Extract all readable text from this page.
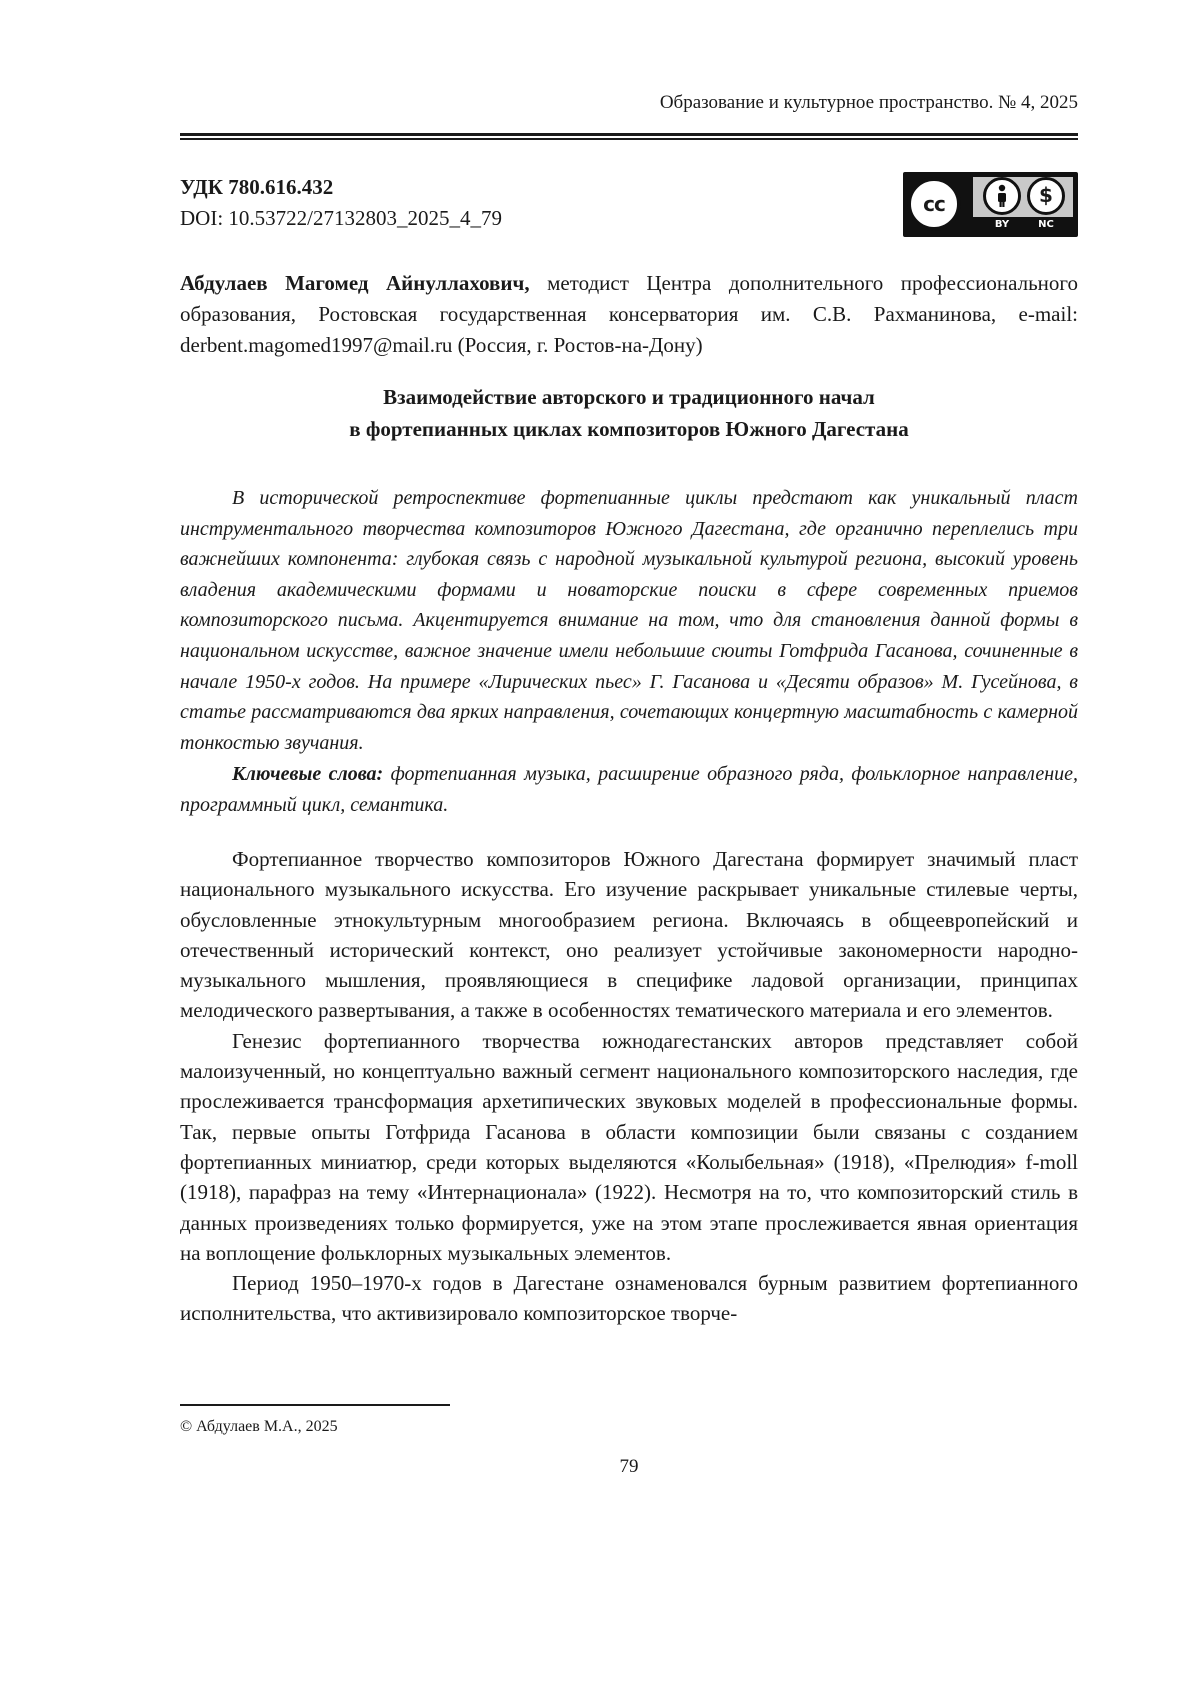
Образование и культурное пространство. № 4, 2025
УДК 780.616.432
DOI: 10.53722/27132803_2025_4_79
cc	$
BY	NC
Абдулаев Магомед Айнуллахович, методист Центра дополнительного профессионального образования, Ростовская государственная консерватория им. С.В. Рахманинова, e-mail: derbent.magomed1997@mail.ru (Россия, г. Ростов-на-Дону)
Взаимодействие авторского и традиционного начал
в фортепианных циклах композиторов Южного Дагестана
В исторической ретроспективе фортепианные циклы предстают как уникальный пласт инструментального творчества композиторов Южного Дагестана, где органично переплелись три важнейших компонента: глубокая связь с народной музыкальной культурой региона, высокий уровень владения академическими формами и новаторские поиски в сфере современных приемов композиторского письма. Акцентируется внимание на том, что для становления данной формы в национальном искусстве, важное значение имели небольшие сюиты Готфрида Гасанова, сочиненные в начале 1950-х годов. На примере «Лирических пьес» Г. Гасанова и «Десяти образов» М. Гусейнова, в статье рассматриваются два ярких направления, сочетающих концертную масштабность с камерной тонкостью звучания.
Ключевые слова: фортепианная музыка, расширение образного ряда, фольклорное направление, программный цикл, семантика.

Фортепианное творчество композиторов Южного Дагестана формирует значимый пласт национального музыкального искусства. Его изучение раскрывает уникальные стилевые черты, обусловленные этнокультурным многообразием региона. Включаясь в общеевропейский и отечественный исторический контекст, оно реализует устойчивые закономерности народно-музыкального мышления, проявляющиеся в специфике ладовой организации, принципах мелодического развертывания, а также в особенностях тематического материала и его элементов.

Генезис фортепианного творчества южнодагестанских авторов представляет собой малоизученный, но концептуально важный сегмент национального композиторского наследия, где прослеживается трансформация архетипических звуковых моделей в профессиональные формы. Так, первые опыты Готфрида Гасанова в области композиции были связаны с созданием фортепианных миниатюр, среди которых выделяются «Колыбельная» (1918), «Прелюдия» f-moll (1918), парафраз на тему «Интернационала» (1922). Несмотря на то, что композиторский стиль в данных произведениях только формируется, уже на этом этапе прослеживается явная ориентация на воплощение фольклорных музыкальных элементов.

Период 1950–1970-х годов в Дагестане ознаменовался бурным развитием фортепианного исполнительства, что активизировало композиторское творче-

© Абдулаев М.А., 2025
79
